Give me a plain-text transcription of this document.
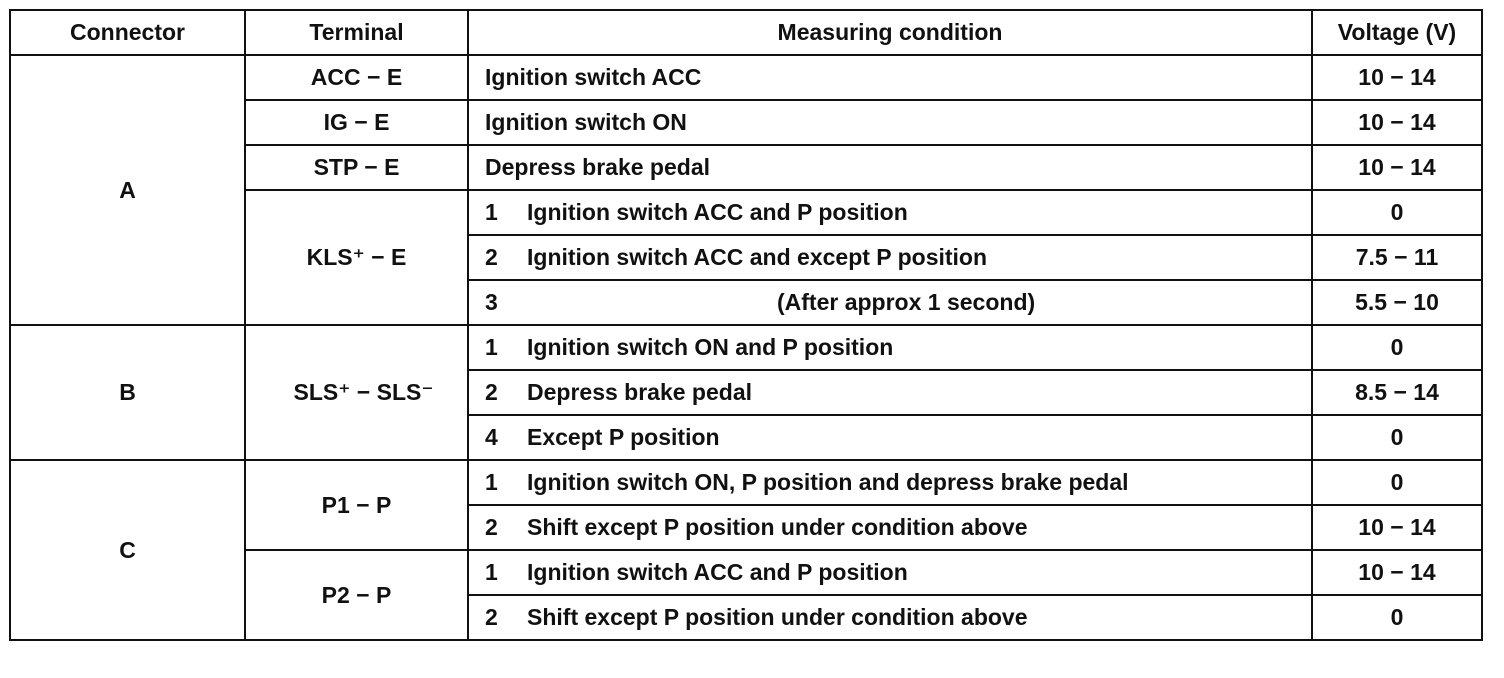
Connector	Terminal	Measuring condition	Voltage (V)
A	ACC − E	Ignition switch ACC	10 − 14
	IG − E	Ignition switch ON	10 − 14
	STP − E	Depress brake pedal	10 − 14
	KLS⁺ − E	1 Ignition switch ACC and P position	0
		2 Ignition switch ACC and except P position	7.5 − 11
		3 (After approx 1 second)	5.5 − 10
B	SLS⁺ − SLS⁻	1 Ignition switch ON and P position	0
		2 Depress brake pedal	8.5 − 14
		4 Except P position	0
C	P1 − P	1 Ignition switch ON, P position and depress brake pedal	0
		2 Shift except P position under condition above	10 − 14
	P2 − P	1 Ignition switch ACC and P position	10 − 14
		2 Shift except P position under condition above	0
